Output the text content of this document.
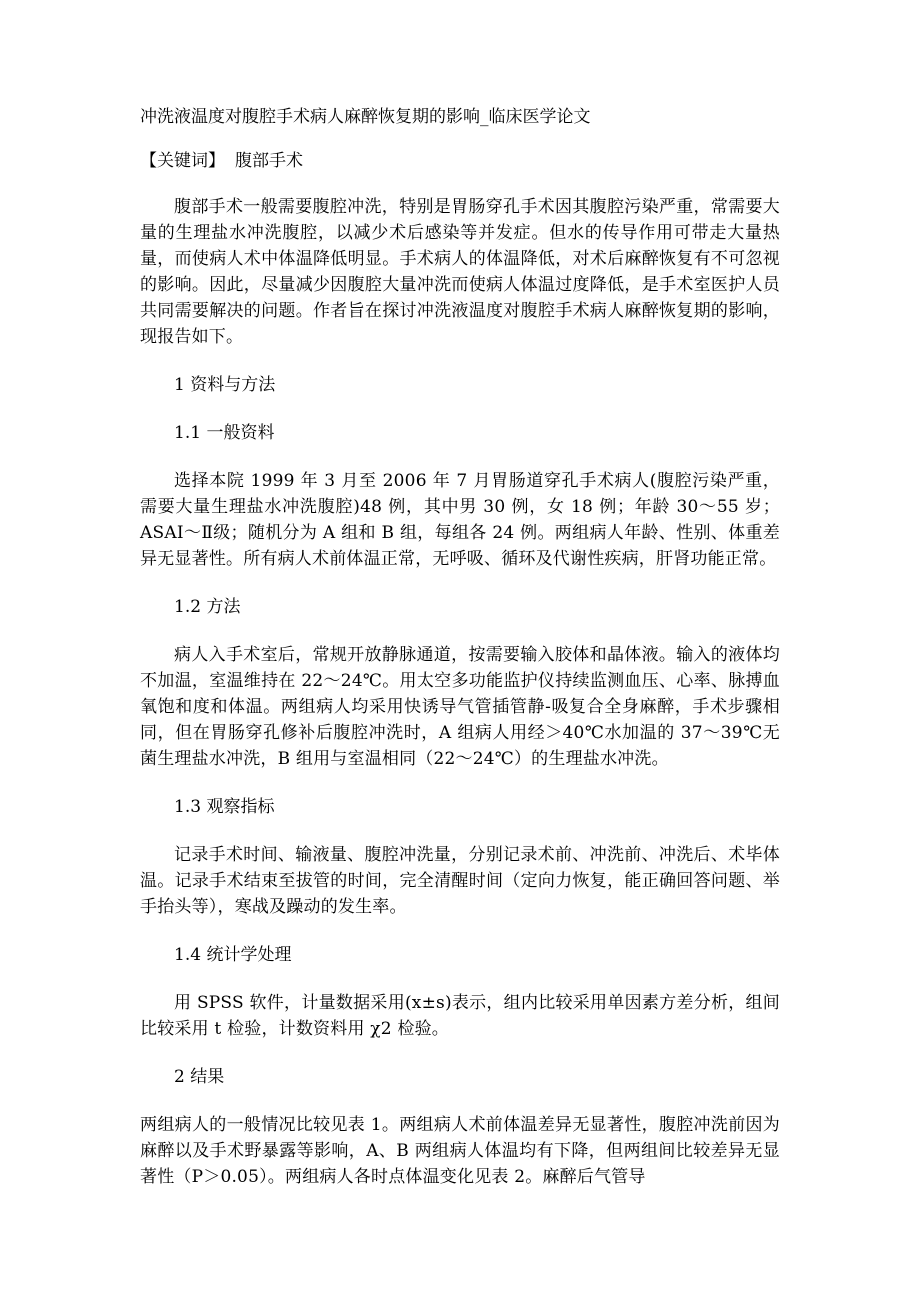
冲洗液温度对腹腔手术病人麻醉恢复期的影响_临床医学论文
【关键词】 腹部手术

腹部手术一般需要腹腔冲洗，特别是胃肠穿孔手术因其腹腔污染严重，常需要大量的生理盐水冲洗腹腔，以减少术后感染等并发症。但水的传导作用可带走大量热量，而使病人术中体温降低明显。手术病人的体温降低，对术后麻醉恢复有不可忽视的影响。因此，尽量减少因腹腔大量冲洗而使病人体温过度降低，是手术室医护人员共同需要解决的问题。作者旨在探讨冲洗液温度对腹腔手术病人麻醉恢复期的影响，现报告如下。

1 资料与方法
1.1 一般资料

选择本院 1999 年 3 月至 2006 年 7 月胃肠道穿孔手术病人(腹腔污染严重，需要大量生理盐水冲洗腹腔)48 例，其中男 30 例，女 18 例；年龄 30～55 岁；ASAⅠ～Ⅱ级；随机分为 A 组和 B 组，每组各 24 例。两组病人年龄、性别、体重差异无显著性。所有病人术前体温正常，无呼吸、循环及代谢性疾病，肝肾功能正常。

1.2 方法

病人入手术室后，常规开放静脉通道，按需要输入胶体和晶体液。输入的液体均不加温，室温维持在 22～24℃。用太空多功能监护仪持续监测血压、心率、脉搏血氧饱和度和体温。两组病人均采用快诱导气管插管静-吸复合全身麻醉，手术步骤相同，但在胃肠穿孔修补后腹腔冲洗时，A 组病人用经＞40℃水加温的 37～39℃无菌生理盐水冲洗，B 组用与室温相同（22～24℃）的生理盐水冲洗。

1.3 观察指标

记录手术时间、输液量、腹腔冲洗量，分别记录术前、冲洗前、冲洗后、术毕体温。记录手术结束至拔管的时间，完全清醒时间（定向力恢复，能正确回答问题、举手抬头等），寒战及躁动的发生率。

1.4 统计学处理

用 SPSS 软件，计量数据采用(x±s)表示，组内比较采用单因素方差分析，组间比较采用 t 检验，计数资料用 χ2 检验。

2 结果

两组病人的一般情况比较见表 1。两组病人术前体温差异无显著性，腹腔冲洗前因为麻醉以及手术野暴露等影响，A、B 两组病人体温均有下降，但两组间比较差异无显著性（P＞0.05）。两组病人各时点体温变化见表 2。麻醉后气管导
